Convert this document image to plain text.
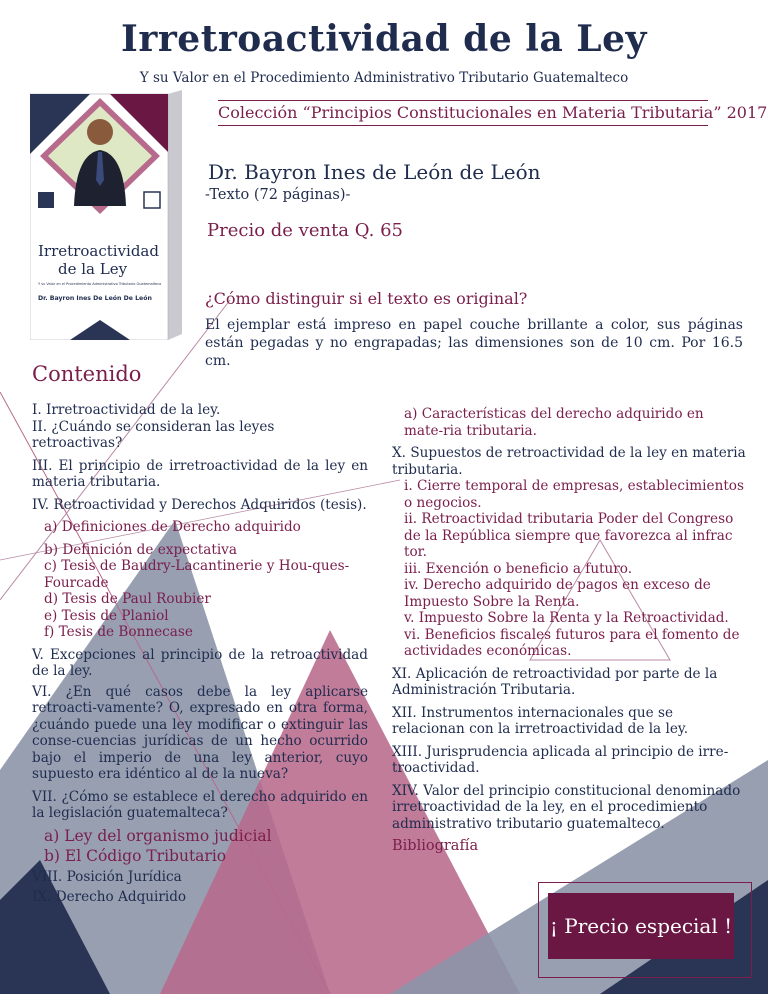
Irretroactividad de la Ley
Y su Valor en el Procedimiento Administrativo Tributario Guatemalteco
Colección “Principios Constitucionales en Materia Tributaria” 2017
Irretroactividad
de la Ley
Y su Valor en el Procedimiento Administrativo Tributario Guatemalteco
Dr. Bayron Ines De León De León
Dr. Bayron Ines de León de León
-Texto (72 páginas)-
Precio de venta Q. 65
¿Cómo distinguir si el texto es original?
El ejemplar está impreso en papel couche brillante a color, sus páginas están pegadas y no engrapadas; las dimensiones son de 10 cm. Por 16.5 cm.
Contenido

I. Irretroactividad de la ley.

II. ¿Cuándo se consideran las leyes retroactivas?

III. El principio de irretroactividad de la ley en materia tributaria.

IV. Retroactividad y Derechos Adquiridos (tesis).

a) Definiciones de Derecho adquirido

b) Definición de expectativa

c) Tesis de Baudry-Lacantinerie y Hou-ques-Fourcade

d) Tesis de Paul Roubier

e) Tesis de Planiol

f) Tesis de Bonnecase

V. Excepciones al principio de la retroactividad de la ley.

VI. ¿En qué casos debe la ley aplicarse retroacti-vamente? O, expresado en otra forma, ¿cuándo puede una ley modificar o extinguir las conse-cuencias jurídicas de un hecho ocurrido bajo el imperio de una ley anterior, cuyo supuesto era idéntico al de la nueva?

VII. ¿Cómo se establece el derecho adquirido en la legislación guatemalteca?

a) Ley del organismo judicial

b) El Código Tributario

VIII. Posición Jurídica

IX. Derecho Adquirido

a) Características del derecho adquirido en mate-ria tributaria.

X. Supuestos de retroactividad de la ley en materia tributaria.

i. Cierre temporal de empresas, establecimientos o negocios.

ii. Retroactividad tributaria Poder del Congreso de la República siempre que favorezca al infrac tor.

iii. Exención o beneficio a futuro.

iv. Derecho adquirido de pagos en exceso de Impuesto Sobre la Renta.

v. Impuesto Sobre la Renta y la Retroactividad.

vi. Beneficios fiscales futuros para el fomento de actividades económicas.

XI. Aplicación de retroactividad por parte de la Administración Tributaria.

XII. Instrumentos internacionales que se relacionan con la irretroactividad de la ley.

XIII. Jurisprudencia aplicada al principio de irre-troactividad.

XIV. Valor del principio constitucional denominado irretroactividad de la ley, en el procedimiento administrativo tributario guatemalteco.

Bibliografía

¡ Precio especial !
